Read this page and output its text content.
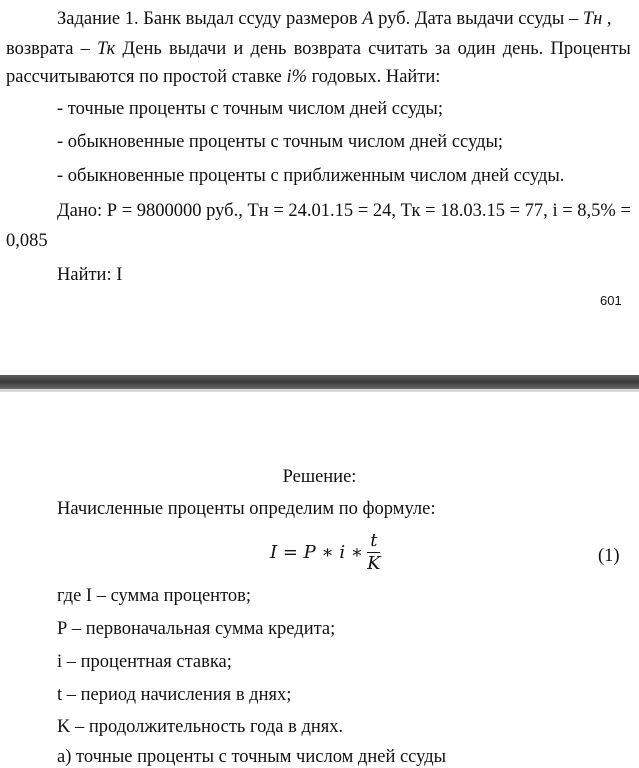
Задание 1. Банк выдал ссуду размеров А руб. Дата выдачи ссуды – Тн ,
возврата – Тк День выдачи и день возврата считать за один день. Проценты
рассчитываются по простой ставке i% годовых. Найти:
- точные проценты с точным числом дней ссуды;
- обыкновенные проценты с точным числом дней ссуды;
- обыкновенные проценты с приближенным числом дней ссуды.
Дано: Р = 9800000 руб., Тн = 24.01.15 = 24, Тк = 18.03.15 = 77, i = 8,5% =
0,085
Найти: I
601
Решение:
Начисленные проценты определим по формуле:
I = P ∗ i ∗ $\frac{t}{K}$	(1)
где I – сумма процентов;
Р – первоначальная сумма кредита;
i – процентная ставка;
t – период начисления в днях;
K – продолжительность года в днях.
а) точные проценты с точным числом дней ссуды
